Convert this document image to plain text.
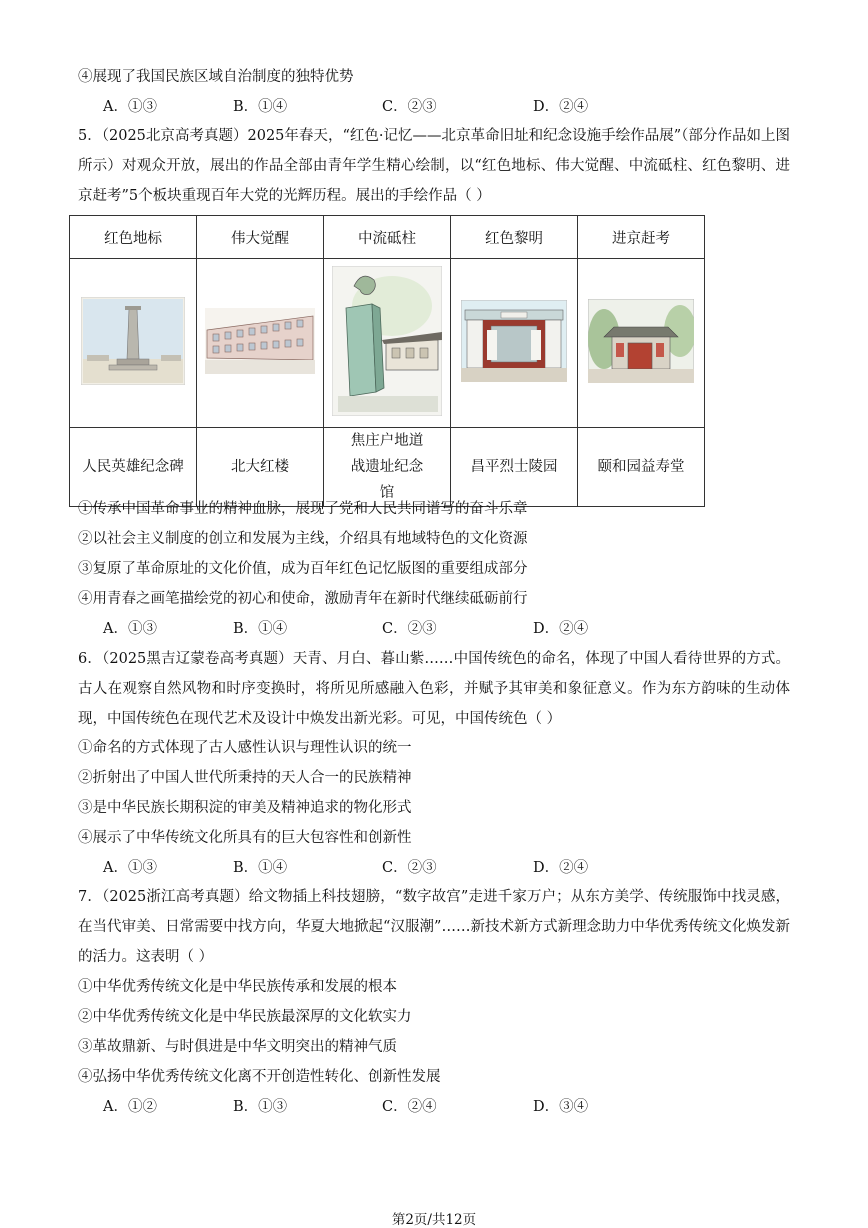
④展现了我国民族区域自治制度的独特优势
A．①③	B．①④	C．②③	D．②④
5．（2025北京高考真题）2025年春天，“红色·记忆——北京革命旧址和纪念设施手绘作品展”（部分作品如上图所示）对观众开放，展出的作品全部由青年学生精心绘制，以“红色地标、伟大觉醒、中流砥柱、红色黎明、进京赶考”5个板块重现百年大党的光辉历程。展出的手绘作品（ ）
红色地标	伟大觉醒	中流砥柱	红色黎明	进京赶考

人民英雄纪念碑	北大红楼	焦庄户地道战遗址纪念馆	昌平烈士陵园	颐和园益寿堂
①传承中国革命事业的精神血脉，展现了党和人民共同谱写的奋斗乐章
②以社会主义制度的创立和发展为主线，介绍具有地域特色的文化资源
③复原了革命原址的文化价值，成为百年红色记忆版图的重要组成部分
④用青春之画笔描绘党的初心和使命，激励青年在新时代继续砥砺前行
A．①③	B．①④	C．②③	D．②④
6．（2025黑吉辽蒙卷高考真题）天青、月白、暮山紫……中国传统色的命名，体现了中国人看待世界的方式。古人在观察自然风物和时序变换时，将所见所感融入色彩，并赋予其审美和象征意义。作为东方韵味的生动体现，中国传统色在现代艺术及设计中焕发出新光彩。可见，中国传统色（ ）
①命名的方式体现了古人感性认识与理性认识的统一
②折射出了中国人世代所秉持的天人合一的民族精神
③是中华民族长期积淀的审美及精神追求的物化形式
④展示了中华传统文化所具有的巨大包容性和创新性
A．①③	B．①④	C．②③	D．②④
7．（2025浙江高考真题）给文物插上科技翅膀，“数字故宫”走进千家万户；从东方美学、传统服饰中找灵感，在当代审美、日常需要中找方向，华夏大地掀起“汉服潮”……新技术新方式新理念助力中华优秀传统文化焕发新的活力。这表明（ ）
①中华优秀传统文化是中华民族传承和发展的根本
②中华优秀传统文化是中华民族最深厚的文化软实力
③革故鼎新、与时俱进是中华文明突出的精神气质
④弘扬中华优秀传统文化离不开创造性转化、创新性发展
A．①②	B．①③	C．②④	D．③④
第2页/共12页
